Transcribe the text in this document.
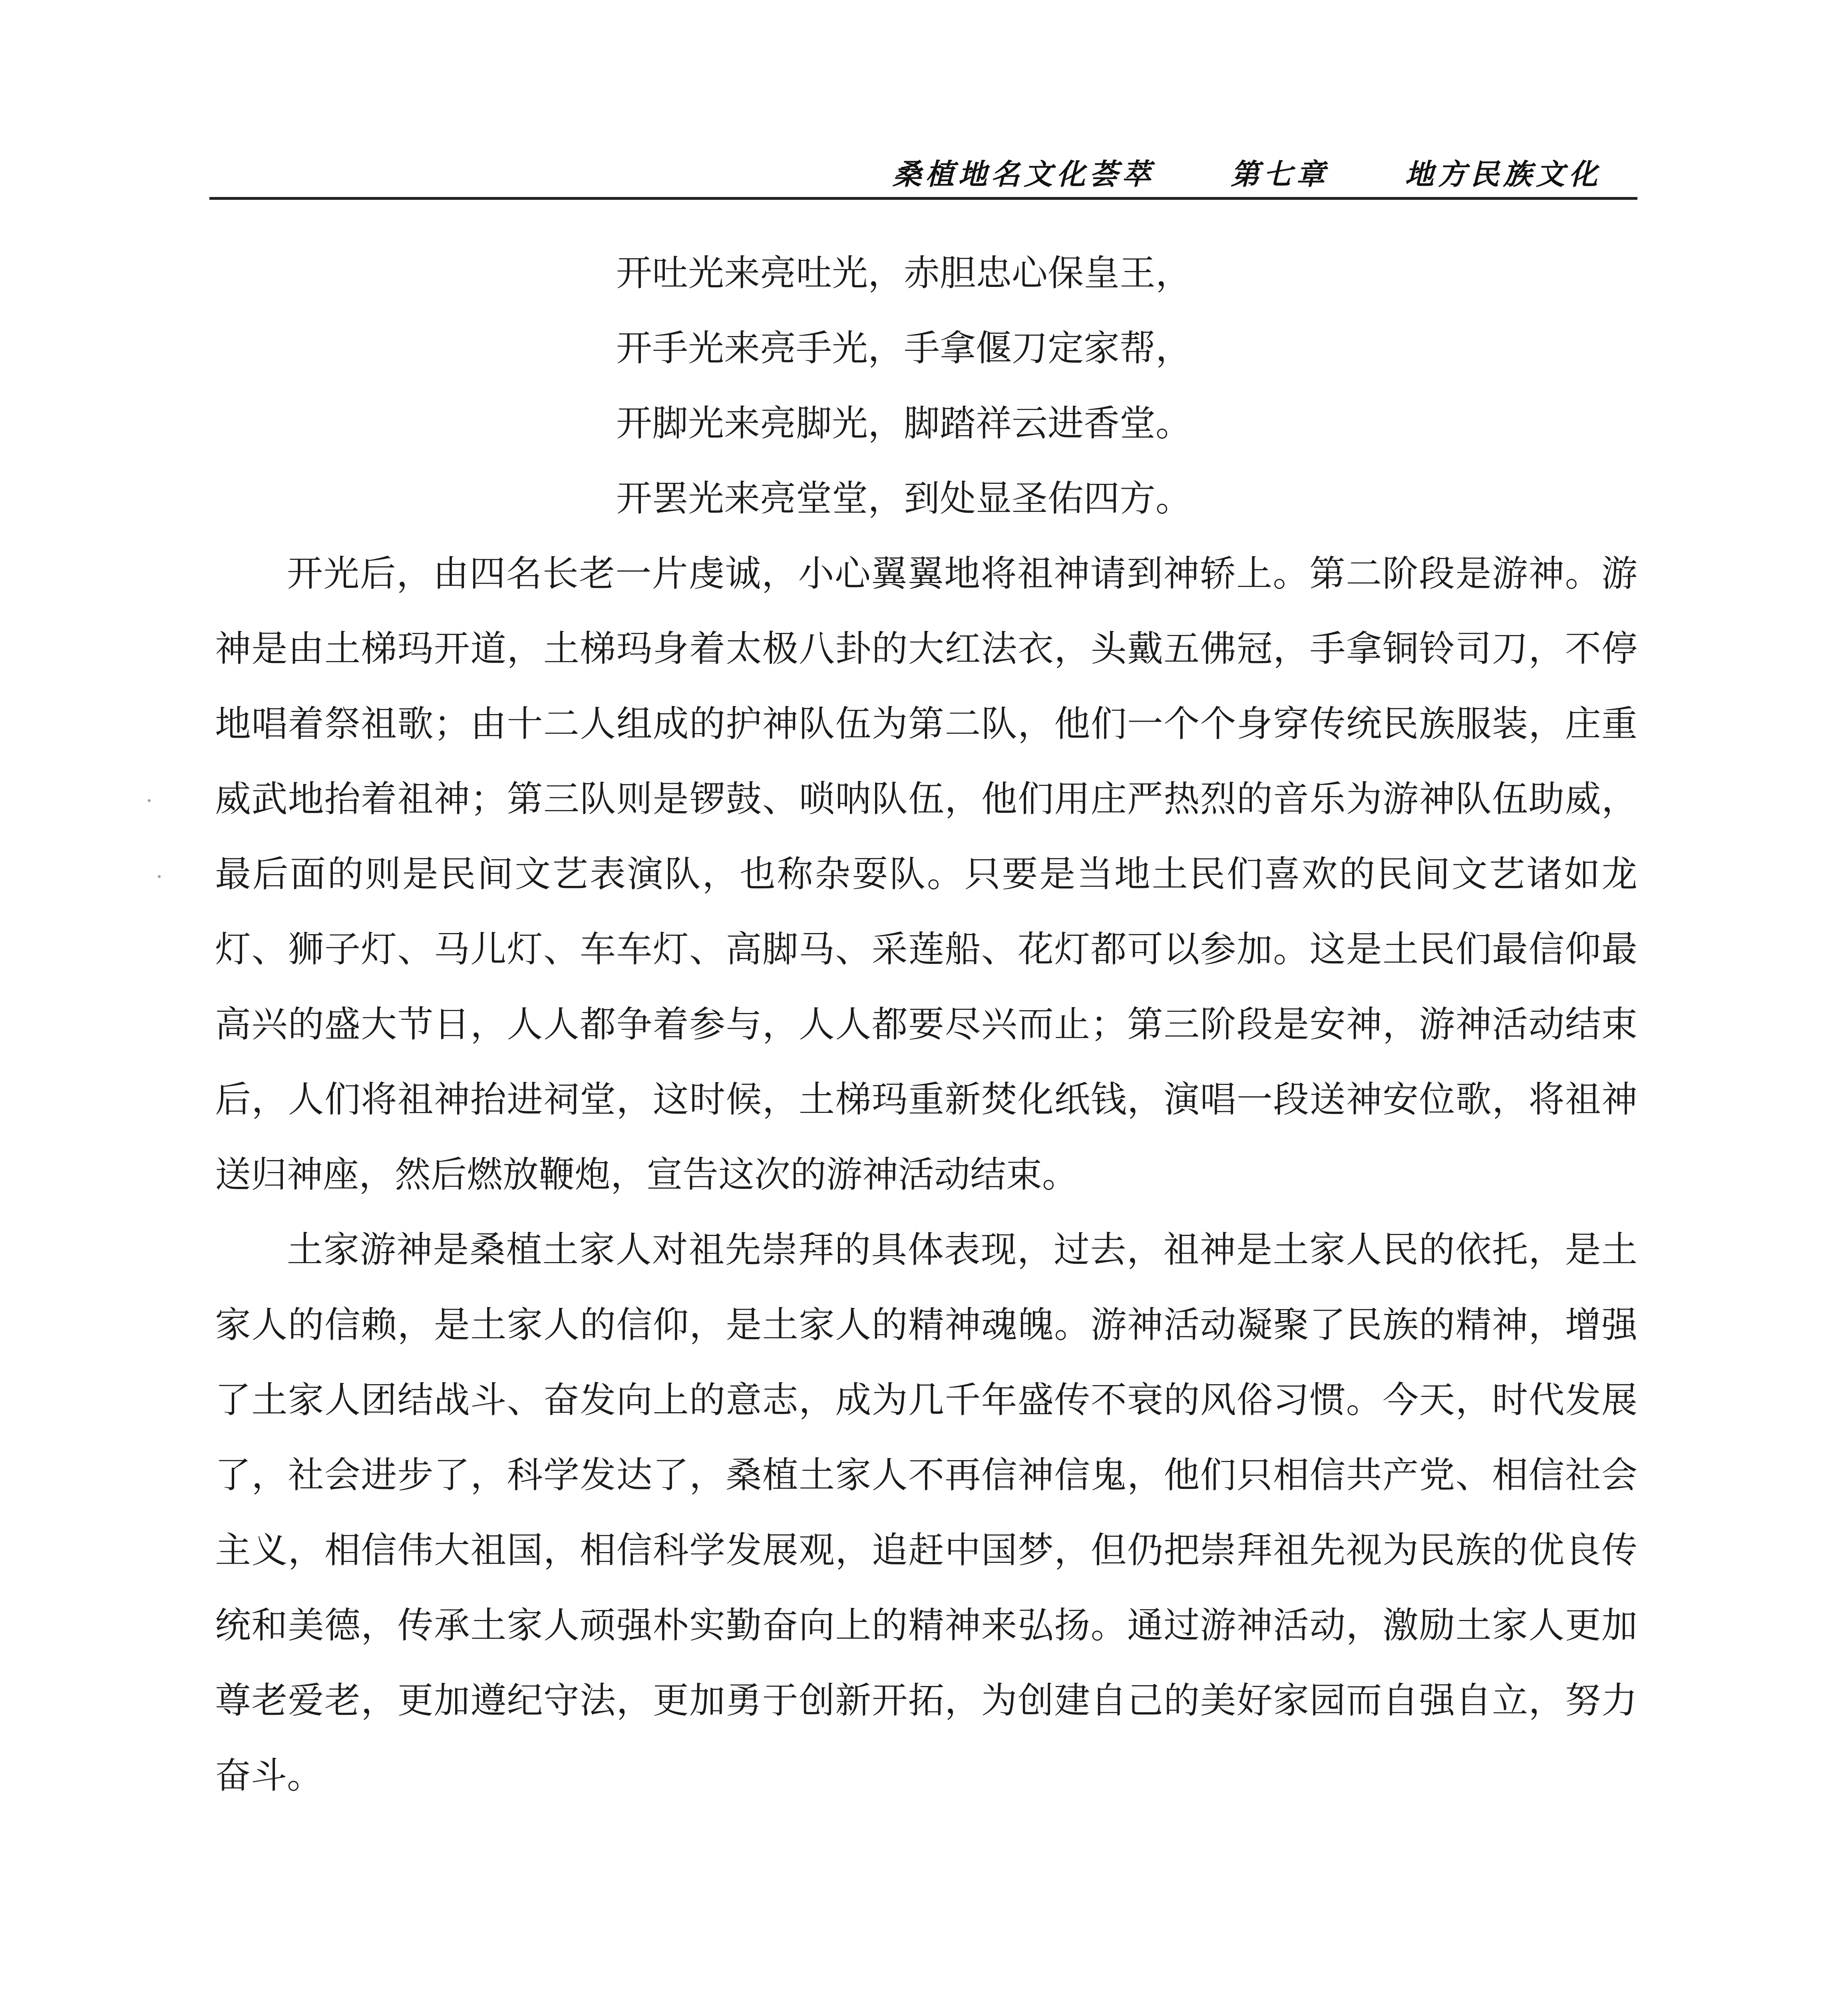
桑植地名文化荟萃	第七章	地方民族文化
开吐光来亮吐光，赤胆忠心保皇王，
开手光来亮手光，手拿偃刀定家帮，
开脚光来亮脚光，脚踏祥云进香堂。
开罢光来亮堂堂，到处显圣佑四方。

开光后，由四名长老一片虔诚，小心翼翼地将祖神请到神轿上。第二阶段是游神。游神是由土梯玛开道，土梯玛身着太极八卦的大红法衣，头戴五佛冠，手拿铜铃司刀，不停地唱着祭祖歌；由十二人组成的护神队伍为第二队，他们一个个身穿传统民族服装，庄重威武地抬着祖神；第三队则是锣鼓、唢呐队伍，他们用庄严热烈的音乐为游神队伍助威，最后面的则是民间文艺表演队，也称杂耍队。只要是当地土民们喜欢的民间文艺诸如龙灯、狮子灯、马儿灯、车车灯、高脚马、采莲船、花灯都可以参加。这是土民们最信仰最高兴的盛大节日，人人都争着参与，人人都要尽兴而止；第三阶段是安神，游神活动结束后，人们将祖神抬进祠堂，这时候，土梯玛重新焚化纸钱，演唱一段送神安位歌，将祖神送归神座，然后燃放鞭炮，宣告这次的游神活动结束。

土家游神是桑植土家人对祖先崇拜的具体表现，过去，祖神是土家人民的依托，是土家人的信赖，是土家人的信仰，是土家人的精神魂魄。游神活动凝聚了民族的精神，增强了土家人团结战斗、奋发向上的意志，成为几千年盛传不衰的风俗习惯。今天，时代发展了，社会进步了，科学发达了，桑植土家人不再信神信鬼，他们只相信共产党、相信社会主义，相信伟大祖国，相信科学发展观，追赶中国梦，但仍把崇拜祖先视为民族的优良传统和美德，传承土家人顽强朴实勤奋向上的精神来弘扬。通过游神活动，激励土家人更加尊老爱老，更加遵纪守法，更加勇于创新开拓，为创建自己的美好家园而自强自立，努力奋斗。
